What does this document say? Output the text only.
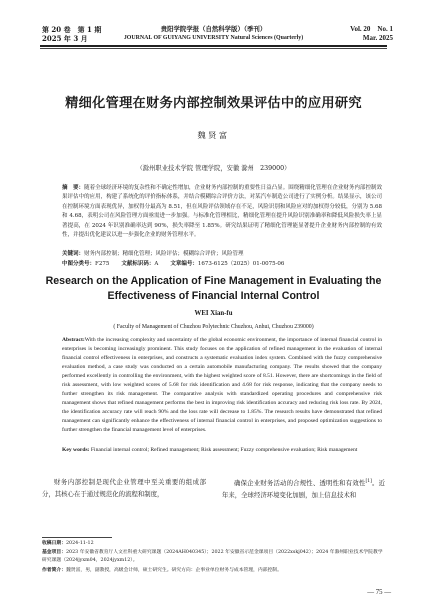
第 20 卷　第 1 期
2025 年 3 月
贵阳学院学报（自然科学版）（季刊）
JOURNAL OF GUIYANG UNIVERSITY Natural Sciences (Quarterly)
Vol. 20　No. 1
Mar. 2025
精细化管理在财务内部控制效果评估中的应用研究
魏贤富
（滁州职业技术学院 管理学院，安徽 滁州　239000）
摘　要：随着全球经济环境的复杂性和不确定性增加，企业财务内部控制的重要性日益凸显。围绕精细化管理在企业财务内部控制效果评估中的应用，构建了系统化的评价指标体系，并结合模糊综合评价方法，对某汽车制造公司进行了实例分析。结果显示，该公司在控制环境方面表现优异，加权得分最高为 8.51，但在风险评估领域存在不足，风险识别和风险应对的加权得分较低，分别为 5.68 和 4.68，表明公司在风险管理方面亟需进一步加强。与标准化管理相比，精细化管理在提升风险识别准确率和降低风险损失率上显著提高，在 2024 年识别准确率达到 90%，损失率降至 1.85%。研究结果证明了精细化管理能显著提升企业财务内部控制的有效性，并提出优化建议以进一步强化企业的财务管理水平。
关键词：财务内部控制；精细化管理；风险评估；模糊综合评价；风险管理
中图分类号：F275 文献标识码：A 文章编号：1673-6125（2025）01-0075-06
Research on the Application of Fine Management in Evaluating the Effectiveness of Financial Internal Control
WEI Xian-fu
( Faculty of Management of Chuzhou Polytechnic Chuzhou, Anhui, Chuzhou 239000)
Abstract:With the increasing complexity and uncertainty of the global economic environment, the importance of internal financial control in enterprises is becoming increasingly prominent. This study focuses on the application of refined management in the evaluation of internal financial control effectiveness in enterprises, and constructs a systematic evaluation index system. Combined with the fuzzy comprehensive evaluation method, a case study was conducted on a certain automobile manufacturing company. The results showed that the company performed excellently in controlling the environment, with the highest weighted score of 8.51. However, there are shortcomings in the field of risk assessment, with low weighted scores of 5.68 for risk identification and 4.68 for risk response, indicating that the company needs to further strengthen its risk management. The comparative analysis with standardized operating procedures and comprehensive risk management shows that refined management performs the best in improving risk identification accuracy and reducing risk loss rate. By 2024, the identification accuracy rate will reach 90% and the loss rate will decrease to 1.85%. The research results have demonstrated that refined management can significantly enhance the effectiveness of internal financial control in enterprises, and proposed optimization suggestions to further strengthen the financial management level of enterprises.
Key words: Financial internal control; Refined management; Risk assessment; Fuzzy comprehensive evaluation; Risk management
财务内部控制是现代企业管理中至关重要的组成部分，其核心在于通过规范化的流程和制度，
确保企业财务活动的合规性、透明性和有效性[1]。近年来，全球经济环境变化加剧，加上信息技术和
收稿日期：2024-11-12
基金项目：2023 年安徽省教育厅人文社科重大研究课题（2024AH040345）；2022 年安徽省示范金课项目（2022xskj042）；2024 年滁州职业技术学院教学研究课题（2024jyxm04，2024jyxm12）。
作者简介：魏贤富，男，副教授，高级会计师，硕士研究生。研究方向：企事业单位财务与成本管理，内部控制。
— 75 —
